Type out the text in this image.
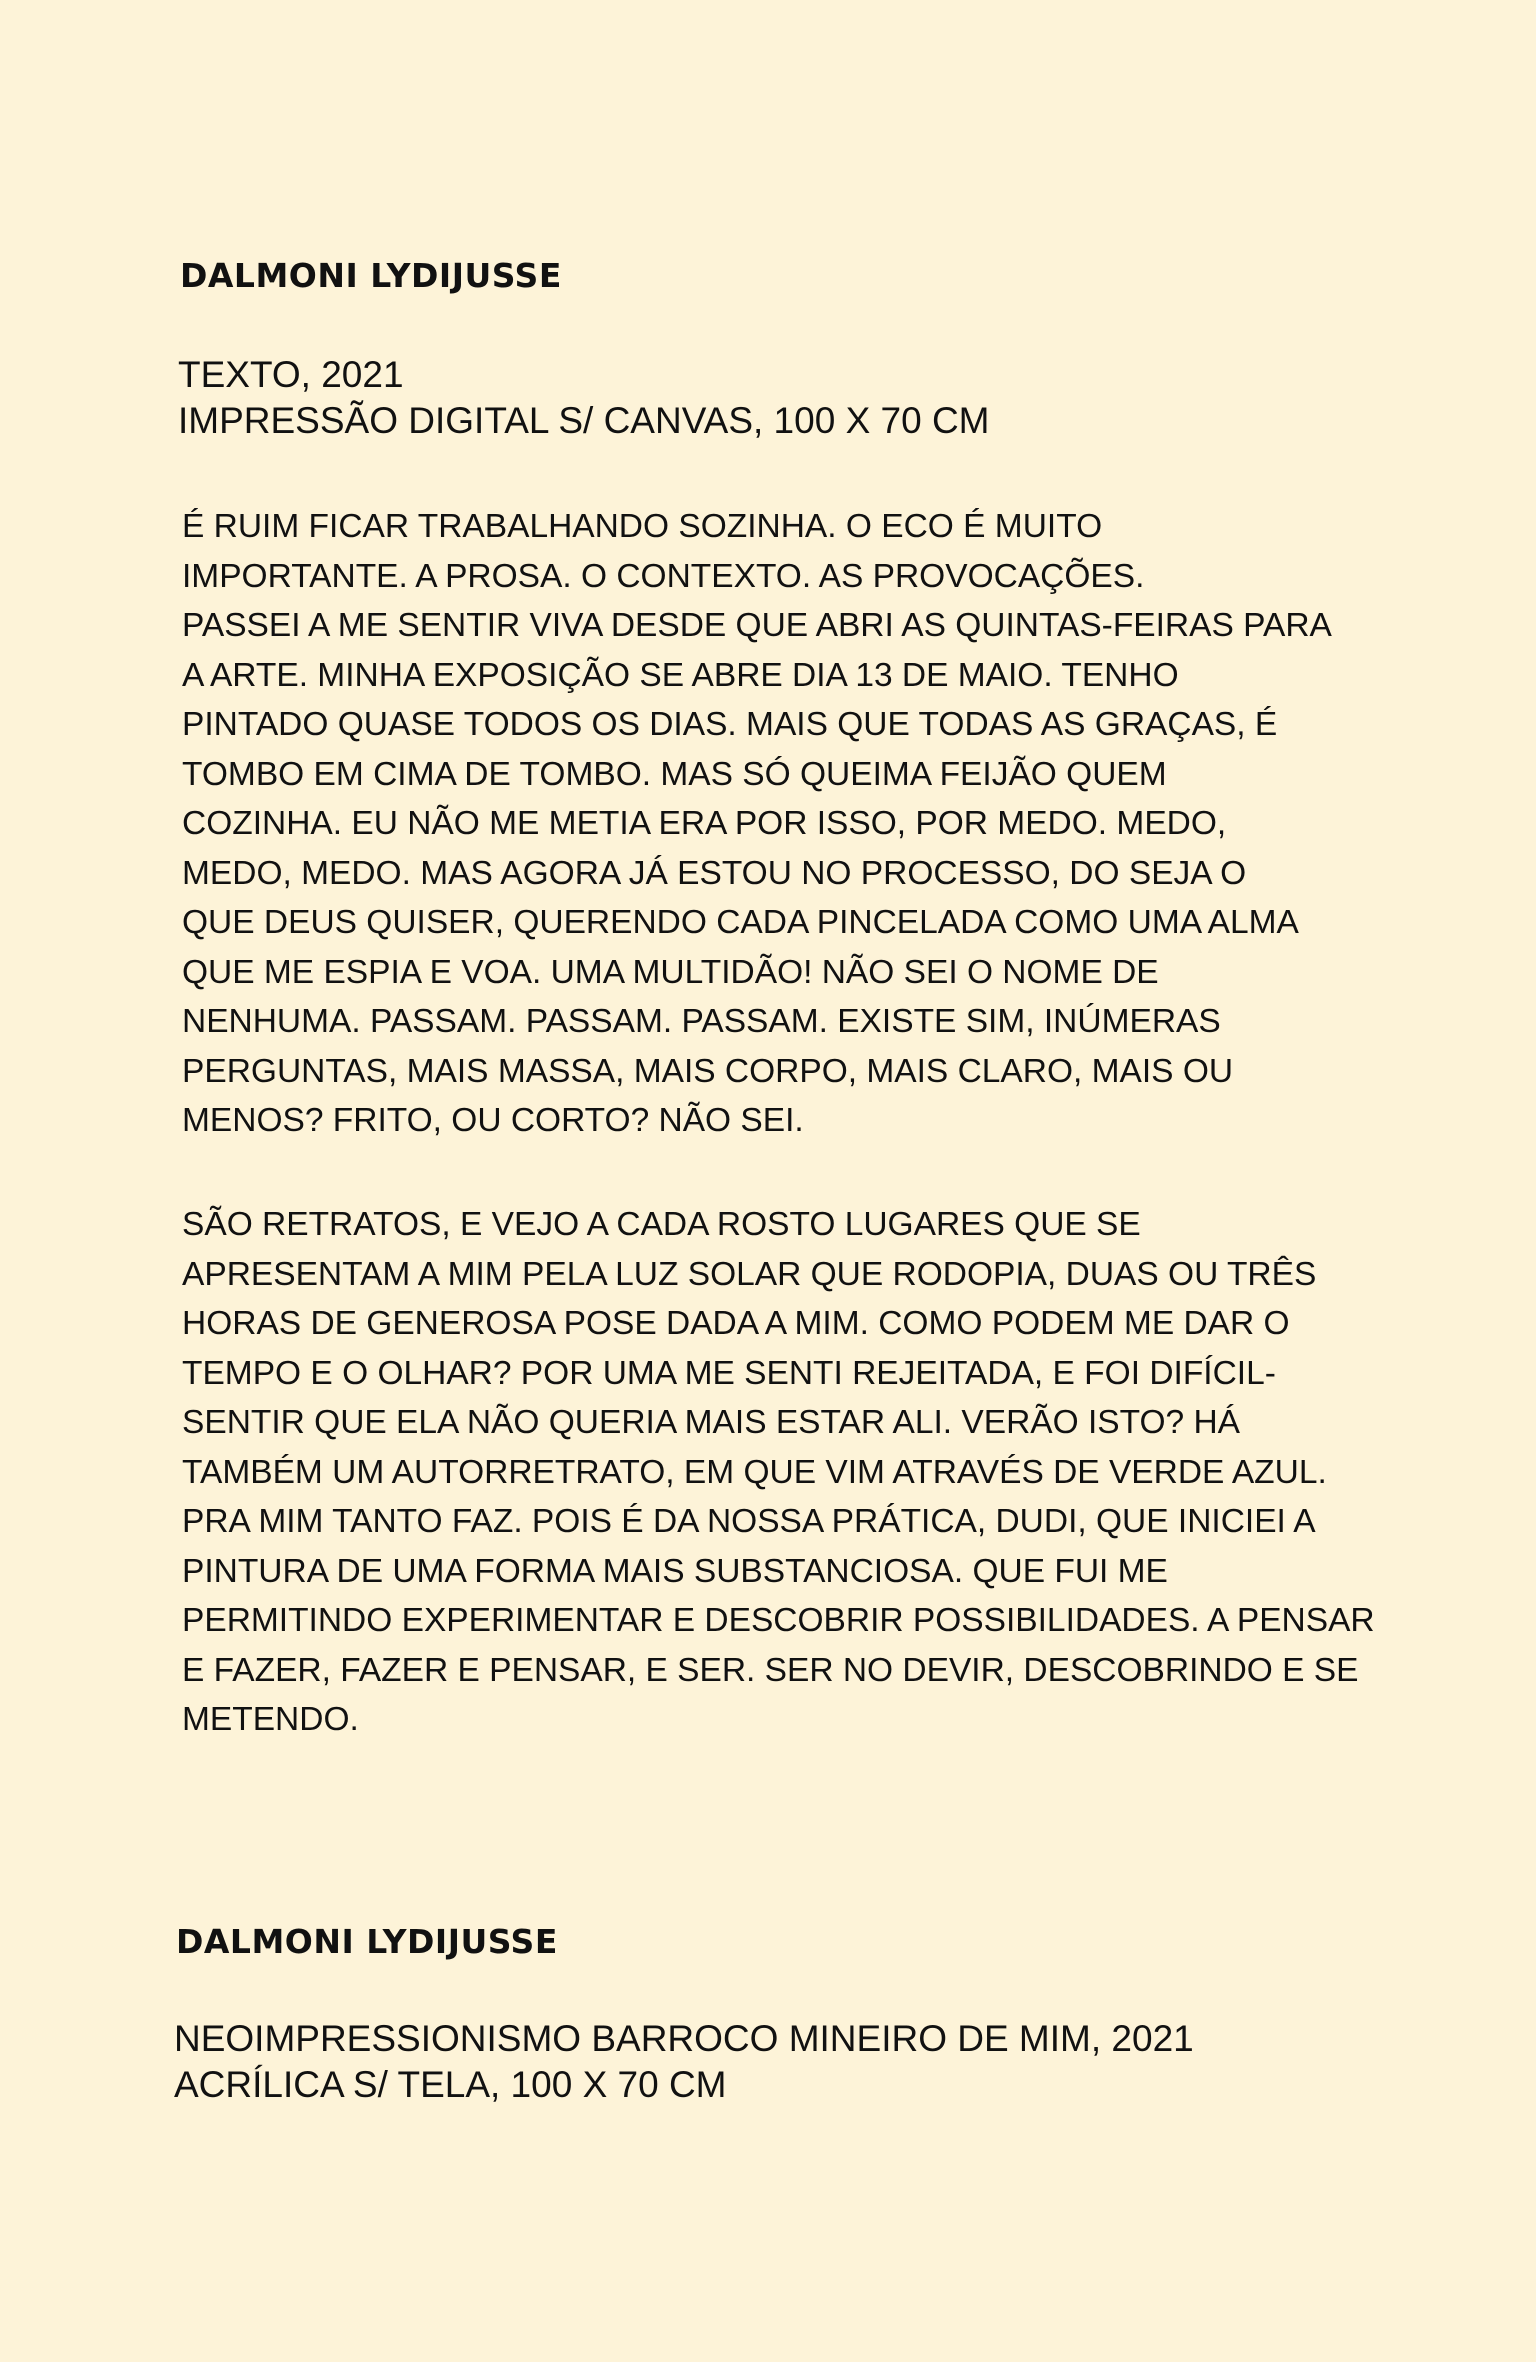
DALMONI LYDIJUSSE

TEXTO, 2021

IMPRESSÃO DIGITAL S/ CANVAS, 100 X 70 CM

É RUIM FICAR TRABALHANDO SOZINHA. O ECO É MUITO
IMPORTANTE. A PROSA. O CONTEXTO. AS PROVOCAÇÕES.
PASSEI A ME SENTIR VIVA DESDE QUE ABRI AS QUINTAS-FEIRAS PARA
A ARTE. MINHA EXPOSIÇÃO SE ABRE DIA 13 DE MAIO. TENHO
PINTADO QUASE TODOS OS DIAS. MAIS QUE TODAS AS GRAÇAS, É
TOMBO EM CIMA DE TOMBO. MAS SÓ QUEIMA FEIJÃO QUEM
COZINHA. EU NÃO ME METIA ERA POR ISSO, POR MEDO. MEDO,
MEDO, MEDO. MAS AGORA JÁ ESTOU NO PROCESSO, DO SEJA O
QUE DEUS QUISER, QUERENDO CADA PINCELADA COMO UMA ALMA
QUE ME ESPIA E VOA. UMA MULTIDÃO! NÃO SEI O NOME DE
NENHUMA. PASSAM. PASSAM. PASSAM. EXISTE SIM, INÚMERAS
PERGUNTAS, MAIS MASSA, MAIS CORPO, MAIS CLARO, MAIS OU
MENOS? FRITO, OU CORTO? NÃO SEI.
SÃO RETRATOS, E VEJO A CADA ROSTO LUGARES QUE SE
APRESENTAM A MIM PELA LUZ SOLAR QUE RODOPIA, DUAS OU TRÊS
HORAS DE GENEROSA POSE DADA A MIM. COMO PODEM ME DAR O
TEMPO E O OLHAR? POR UMA ME SENTI REJEITADA, E FOI DIFÍCIL-
SENTIR QUE ELA NÃO QUERIA MAIS ESTAR ALI. VERÃO ISTO? HÁ
TAMBÉM UM AUTORRETRATO, EM QUE VIM ATRAVÉS DE VERDE AZUL.
PRA MIM TANTO FAZ. POIS É DA NOSSA PRÁTICA, DUDI, QUE INICIEI A
PINTURA DE UMA FORMA MAIS SUBSTANCIOSA. QUE FUI ME
PERMITINDO EXPERIMENTAR E DESCOBRIR POSSIBILIDADES. A PENSAR
E FAZER, FAZER E PENSAR, E SER. SER NO DEVIR, DESCOBRINDO E SE
METENDO.
DALMONI LYDIJUSSE

NEOIMPRESSIONISMO BARROCO MINEIRO DE MIM, 2021

ACRÍLICA S/ TELA, 100 X 70 CM
